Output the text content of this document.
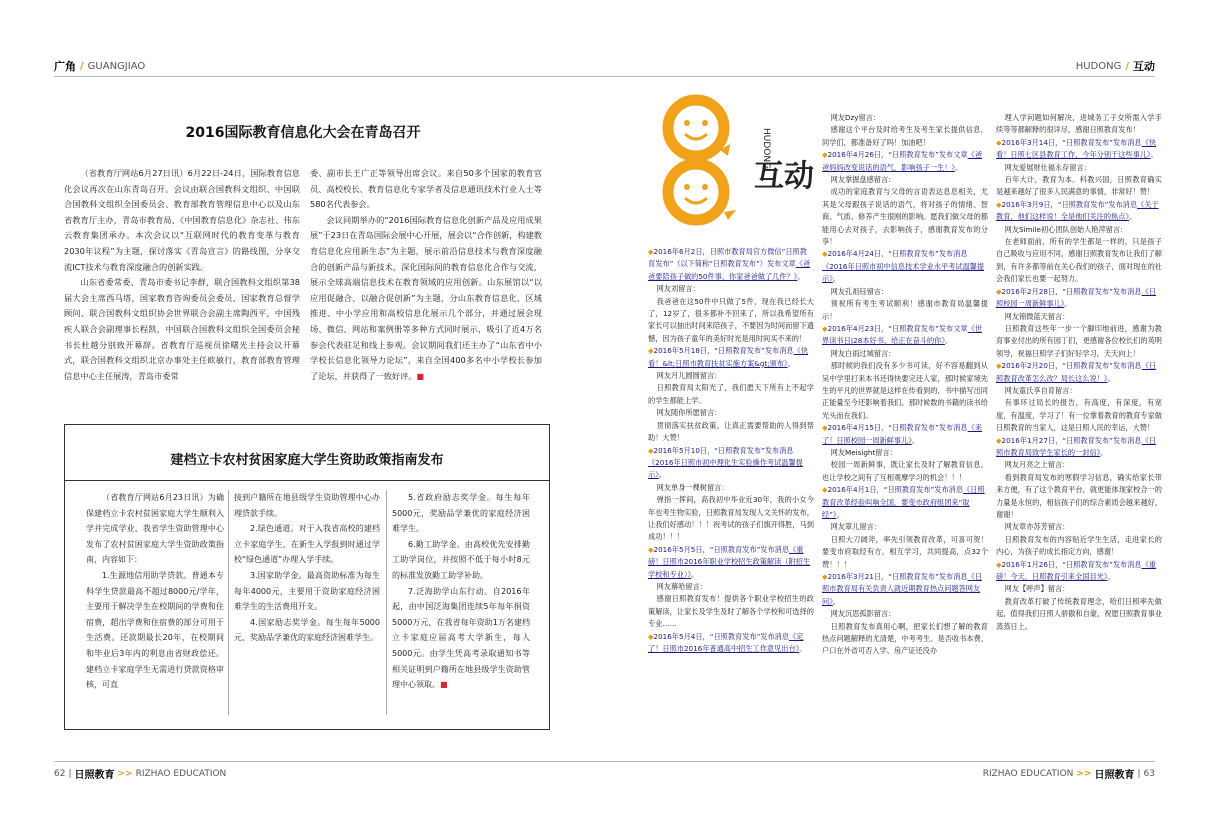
广角 / GUANGJIAO
2016国际教育信息化大会在青岛召开

（省教育厅网站6月27日讯）6月22日-24日，国际教育信息化会议再次在山东青岛召开。会议由联合国教科文组织、中国联合国教科文组织全国委员会、教育部教育管理信息中心以及山东省教育厅主办，青岛市教育局、《中国教育信息化》杂志社、伟东云教育集团承办。本次会议以“互联网时代的教育变革与教育2030年议程”为主题，探讨落实《青岛宣言》的路线图，分享交流ICT技术与教育深度融合的创新实践。

山东省委常委、青岛市委书记李群，联合国教科文组织第38届大会主席西马塔，国家教育咨询委员会委员、国家教育总督学顾问、联合国教科文组织协会世界联合会副主席陶西平，中国残疾人联合会副理事长程凯，中国联合国教科文组织全国委员会秘书长杜越分别致开幕辞。省教育厅巡视员徐曙光主持会议开幕式，联合国教科文组织北京办事处主任欧敏行，教育部教育管理信息中心主任展涛，青岛市委常

委、副市长王广正等领导出席会议。来自50多个国家的教育官员、高校校长、教育信息化专家学者及信息通讯技术行业人士等580名代表参会。

会议同期举办的“2016国际教育信息化创新产品及应用成果展”于23日在青岛国际会展中心开展，展会以“合作创新，构建教育信息化应用新生态”为主题，展示前沿信息技术与教育深度融合的创新产品与新技术，深化国际间的教育信息化合作与交流，展示全球高端信息技术在教育领域的应用创新。山东展馆以“以应用促融合、以融合促创新”为主题，分山东教育信息化、区域推进、中小学应用和高校信息化展示几个部分，并通过展会现场、微信、网站和案例册等多种方式同时展示，吸引了近4万名参会代表驻足和线上参观。会议期间我们还主办了“山东省中小学校长信息化领导力论坛”，来自全国400多名中小学校长参加了论坛，并获得了一致好评。■

建档立卡农村贫困家庭大学生资助政策指南发布

（省教育厅网站6月23日讯）为确保建档立卡农村贫困家庭大学生顺利入学并完成学业，我省学生资助管理中心发布了农村贫困家庭大学生资助政策指南，内容如下：

1.生源地信用助学贷款。普通本专科学生贷款最高不超过8000元/学年，主要用于解决学生在校期间的学费和住宿费，超出学费和住宿费的部分可用于生活费。还款期最长20年，在校期间和毕业后3年内的利息由省财政偿还。建档立卡家庭学生无需进行贷款资格审核，可直

接到户籍所在地县级学生资助管理中心办理贷款手续。

2.绿色通道。对于入我省高校的建档立卡家庭学生，在新生入学报到时通过学校“绿色通道”办理入学手续。

3.国家助学金。最高资助标准为每生每年4000元，主要用于资助家庭经济困难学生的生活费用开支。

4.国家励志奖学金。每生每年5000元，奖励品学兼优的家庭经济困难学生。

5.省政府励志奖学金。每生每年5000元，奖励品学兼优的家庭经济困难学生。

6.勤工助学金。由高校优先安排勤工助学岗位，并按照不低于每小时8元的标准发放勤工助学补助。

7.泛海助学山东行动。自2016年起，由中国泛海集团连续5年每年捐资5000万元，在我省每年资助1万名建档立卡家庭应届高考大学新生，每人5000元。由学生凭高考录取通知书等相关证明到户籍所在地县级学生资助管理中心领取。■

62 | 日照教育 >> RIZHAO EDUCATION
HUDONG / 互动
RIZHAO EDUCATION >> 日照教育 | 63
互动
HUDONG
◆2016年6月2日，日照市教育局官方微信“日照教育发布”（以下简称“日照教育发布”）发布文章《爸爸要陪孩子做的50件事，你家爸爸做了几件？》。
网友刘留言：
我爸爸在这50件中只做了5件，现在我已经长大了，12岁了，很多都补不回来了，所以我希望所有家长可以抽出时间来陪孩子，不要因为时间而留下遗憾，因为孩子童年的美好时光是用时间买不来的！
◆2016年5月18日，“日照教育发布”发布消息《快看！&lt;日照市教育扶贫实施方案&gt;颁布》。
网友月儿圆圆留言：
日照教育局太阳光了，我们愿天下所有上不起学的学生都能上学。
网友随你所愿留言：
贯彻落实扶贫政策，让真正需要帮助的人得到帮助！大赞！
◆2016年5月10日，“日照教育发布”发布消息《2016年日照市初中理化生实验操作考试温馨提示》。
网友单身一棵树留言：
弹指一挥间，高我初中毕业近30年，我的小女今年也考生物实验，日照教育局发现人文关怀的发布，让我们好感动！！！祝考试的孩子们旗开得胜，马到成功！！！
◆2016年5月5日，“日照教育发布”发布消息《重磅！日照市2016年职业学校招生政策解读（附招生学校和专业）》。
网友幕哈留言：
感谢日照教育发布！提供各个职业学校招生的政策解读，让家长及学生及时了解各个学校和可选择的专业……
◆2016年5月4日，“日照教育发布”发布消息《定了！日照市2016年普通高中招生工作意见出台》。
网友Dzy留言：
感谢这个平台及时给考生及考生家长提供信息，同学们，都准备好了吗！加油吧！
◆2016年4月26日，“日照教育发布”发布文章《爸爸妈妈改变说话的语气，影响孩子一生！》。
网友掌握盘感留言：
成功的家庭教育与父母的言语表达息息相关，尤其是父母跟孩子说话的语气，将对孩子的情绪、智商、气质、修养产生很刚的影响。愿我们做父母的都能用心去对孩子，去影响孩子，感谢教育发布的分享！
◆2016年4月24日，“日照教育发布”发布消息《2016年日照市初中信息技术学业水平考试温馨提示》。
网友孔祖钰留言：
预祝所有考生考试顺利！感谢市教育局温馨提示！
◆2016年4月23日，“日照教育发布”发布文章《世界读书日|28本好书，给正在奋斗的你》。
网友白雨过城留言：
那时候的我们没有多少书可读，好不容易翻到从吴中学里打来本书还得快要完还人家，那时候家境先生的平凡的世界就是这样在传看到的，书中描写出同正能量至今还影响着我们。那时候数的书籍的读书给光头而在我们。
◆2016年4月15日，“日照教育发布”发布消息《来了！日照校园一周新鲜事儿》。
网友Meisight留言：
校园一周新鲜事，既让家长及时了解教育信息，也让学校之间有了互相观摩学习的机会！！！
◆2016年4月1日，“日照教育发布”发布消息《日照教育改革经验叫响全国，要变市政府组团来“取经”》。
网友翠儿留言：
日照大刀阔斧，率先引领教育改革，可喜可贺！要变市府取经有方，相互学习，共同提高，点32个赞！！！
◆2016年3月21日，“日照教育发布”发布消息《日照市教育局有关负责人就近期教育热点问题答网友问》。
网友沉思孤影留言：
日照教育发布真用心啊，把家长们想了解的教育热点问题解释的尤清楚，中考考生、是否收书本费、户口在外省可否入学、房产证还没办
理入学问题如何解决，进城务工子女所需入学手续等等都解释的很详尽，感谢日照教育发布！
◆2016年3月14日，“日照教育发布”发布消息《快看！日照七区县教育工作，今年分别干这些事儿》。
网友爱展财仕福永存留言：
百年大计，教育为本。科教兴国，日照教育确实是越来越好了很多人民满意的事情，非常好！赞！
◆2016年3月9日，“日照教育发布”发布消息《关于教育，他们这样说！全是他们关注的焦点》。
网友Simile初心团队创始人艳萍留言：
在老师面前，所有的学生都是一样的，只是孩子自己吸收与应用不同，感谢日照教育发布让我们了解到，有许多都等前在关心我们的孩子，面对现在的社会我们家长也要一起努力。
◆2016年2月28日，“日照教育发布”发布消息《日照校园一周新鲜事儿》。
网友锦微蓝天留言：
日照教育这些年一步一个脚印地前进，感谢为教育事业付出的所有园丁们，更感谢各位校长们的英明领导，祝福日照学子们好好学习，天天向上！
◆2016年2月20日，“日照教育发布”发布消息《日照教育改革怎么改？局长这么说！》。
网友童氏享自育留言：
有事环过局长的报告，有高度，有深度，有宽度，有温度，学习了！有一位掌着教育的教育专家做日照教育的当家人，这是日照人民的幸运，大赞！
◆2016年1月27日，“日照教育发布”发布消息《日照市教育局致学生家长的一封信》。
网友月亮之上留言：
看到教育局发布的寒假学习信息，确实给家长带来方便，有了这个教育平台，就更能体现家校合一的力量是永恒的，相信孩子们的综合素质会越来越好，谢谢！
网友章亦苏芳留言：
日照教育发布的内容贴近学生生活，走进家长的内心，为孩子的成长指定方向，感谢！
◆2016年1月26日，“日照教育发布”发布消息《重磅！今天，日照教育引来全国目光》。
网友【呼声】留言：
教育改革打破了传统教育理念，哈们日照率先做起，值得我们日照人骄傲和自豪，祝愿日照教育事业蒸蒸日上。
